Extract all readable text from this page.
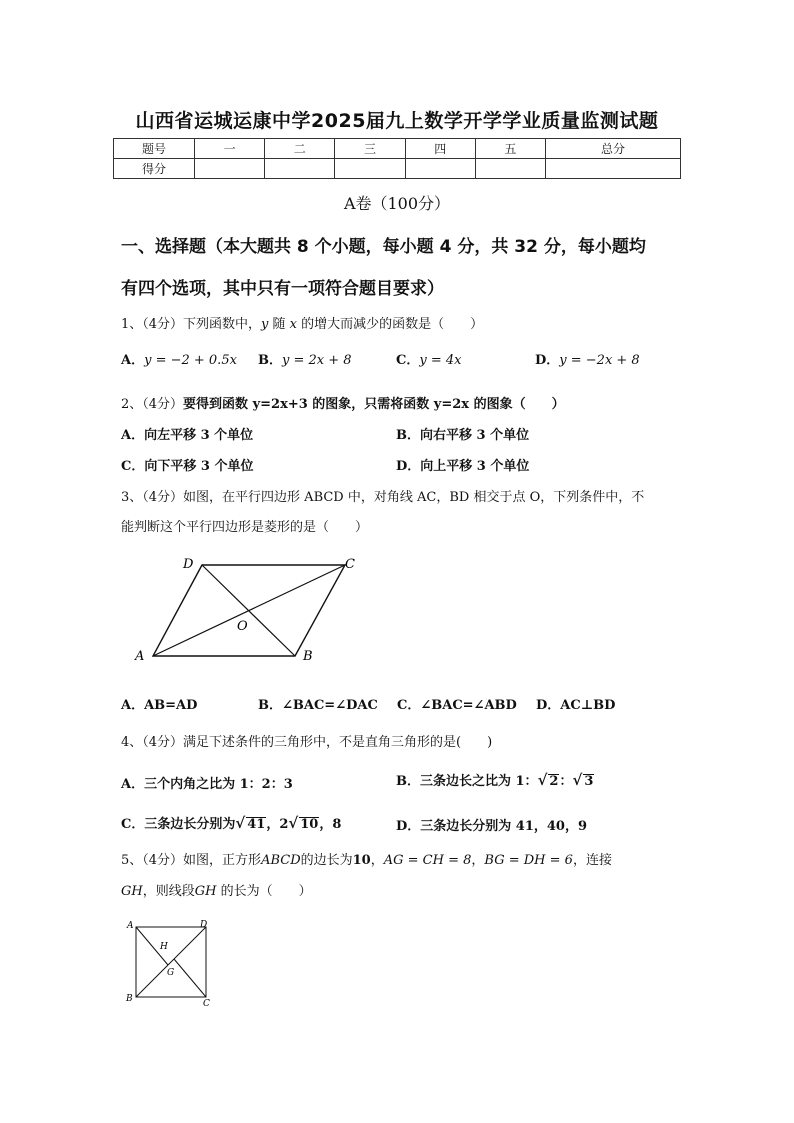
山西省运城运康中学2025届九上数学开学学业质量监测试题
题号	一	二	三	四	五	总分
得分						
A卷（100分）
一、选择题（本大题共 8 个小题，每小题 4 分，共 32 分，每小题均
有四个选项，其中只有一项符合题目要求）
1、（4分）下列函数中，y 随 x 的增大而减少的函数是（　　）
A．y = −2 + 0.5x B．y = 2x + 8	C．y = 4x	D．y = −2x + 8
2、（4分）要得到函数 y=2x+3 的图象，只需将函数 y=2x 的图象（　　）
A．向左平移 3 个单位	B．向右平移 3 个单位
C．向下平移 3 个单位	D．向上平移 3 个单位
3、（4分）如图，在平行四边形 ABCD 中，对角线 AC，BD 相交于点 O，下列条件中，不
能判断这个平行四边形是菱形的是（　　）
A	B
C
D
O
A．AB=AD	B．∠BAC=∠DAC C．∠BAC=∠ABD D．AC⊥BD
4、（4分）满足下述条件的三角形中，不是直角三角形的是(　　)
A．三个内角之比为 1：2：3	B．三条边长之比为 1：√ 2：√ 3
C．三条边长分别为√ 41，2√ 10，8	D．三条边长分别为 41，40，9
5、（4分）如图，正方形ABCD的边长为10，AG = CH = 8，BG = DH = 6，连接
GH，则线段GH 的长为（　　）
A
B	C
D
H
G
